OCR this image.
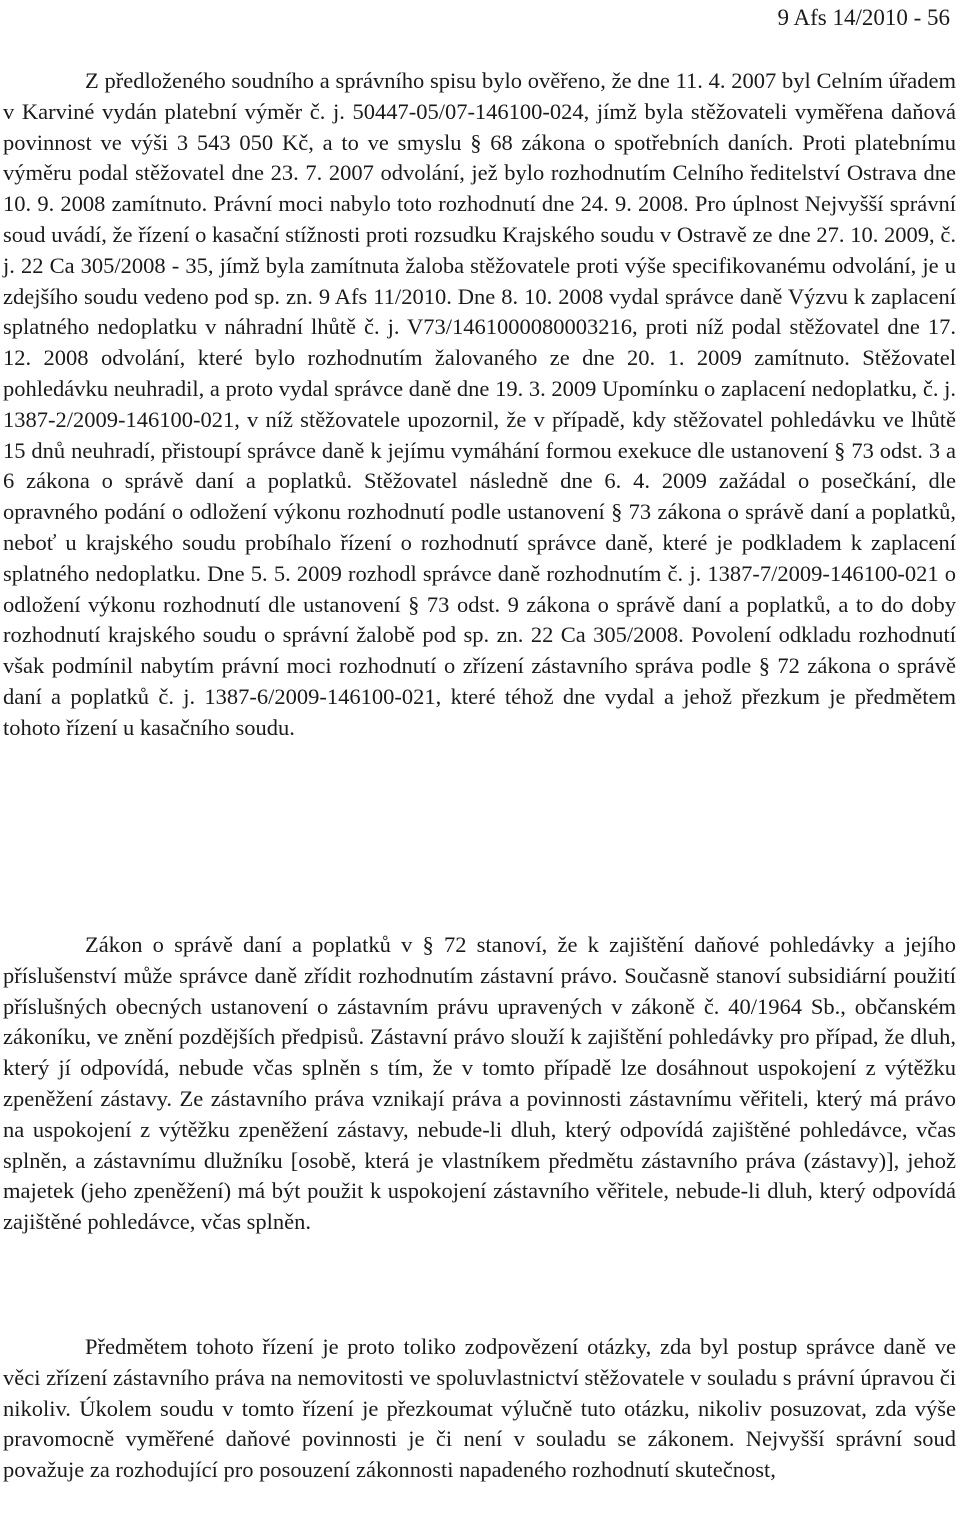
9 Afs 14/2010 - 56

Z předloženého soudního a správního spisu bylo ověřeno, že dne 11. 4. 2007 byl Celním úřadem v Karviné vydán platební výměr č. j. 50447-05/07-146100-024, jímž byla stěžovateli vyměřena daňová povinnost ve výši 3 543 050 Kč, a to ve smyslu § 68 zákona o spotřebních daních. Proti platebnímu výměru podal stěžovatel dne 23. 7. 2007 odvolání, jež bylo rozhodnutím Celního ředitelství Ostrava dne 10. 9. 2008 zamítnuto. Právní moci nabylo toto rozhodnutí dne 24. 9. 2008. Pro úplnost Nejvyšší správní soud uvádí, že řízení o kasační stížnosti proti rozsudku Krajského soudu v Ostravě ze dne 27. 10. 2009, č. j. 22 Ca 305/2008 - 35, jímž byla zamítnuta žaloba stěžovatele proti výše specifikovanému odvolání, je u zdejšího soudu vedeno pod sp. zn. 9 Afs 11/2010. Dne 8. 10. 2008 vydal správce daně Výzvu k zaplacení splatného nedoplatku v náhradní lhůtě č. j. V73/1461000080003216, proti níž podal stěžovatel dne 17. 12. 2008 odvolání, které bylo rozhodnutím žalovaného ze dne 20. 1. 2009 zamítnuto. Stěžovatel pohledávku neuhradil, a proto vydal správce daně dne 19. 3. 2009 Upomínku o zaplacení nedoplatku, č. j. 1387-2/2009-146100-021, v níž stěžovatele upozornil, že v případě, kdy stěžovatel pohledávku ve lhůtě 15 dnů neuhradí, přistoupí správce daně k jejímu vymáhání formou exekuce dle ustanovení § 73 odst. 3 a 6 zákona o správě daní a poplatků. Stěžovatel následně dne 6. 4. 2009 zažádal o posečkání, dle opravného podání o odložení výkonu rozhodnutí podle ustanovení § 73 zákona o správě daní a poplatků, neboť u krajského soudu probíhalo řízení o rozhodnutí správce daně, které je podkladem k zaplacení splatného nedoplatku. Dne 5. 5. 2009 rozhodl správce daně rozhodnutím č. j. 1387-7/2009-146100-021 o odložení výkonu rozhodnutí dle ustanovení § 73 odst. 9 zákona o správě daní a poplatků, a to do doby rozhodnutí krajského soudu o správní žalobě pod sp. zn. 22 Ca 305/2008. Povolení odkladu rozhodnutí však podmínil nabytím právní moci rozhodnutí o zřízení zástavního správa podle § 72 zákona o správě daní a poplatků č. j. 1387-6/2009-146100-021, které téhož dne vydal a jehož přezkum je předmětem tohoto řízení u kasačního soudu.

Zákon o správě daní a poplatků v § 72 stanoví, že k zajištění daňové pohledávky a jejího příslušenství může správce daně zřídit rozhodnutím zástavní právo. Současně stanoví subsidiární použití příslušných obecných ustanovení o zástavním právu upravených v zákoně č. 40/1964 Sb., občanském zákoníku, ve znění pozdějších předpisů. Zástavní právo slouží k zajištění pohledávky pro případ, že dluh, který jí odpovídá, nebude včas splněn s tím, že v tomto případě lze dosáhnout uspokojení z výtěžku zpeněžení zástavy. Ze zástavního práva vznikají práva a povinnosti zástavnímu věřiteli, který má právo na uspokojení z výtěžku zpeněžení zástavy, nebude-li dluh, který odpovídá zajištěné pohledávce, včas splněn, a zástavnímu dlužníku [osobě, která je vlastníkem předmětu zástavního práva (zástavy)], jehož majetek (jeho zpeněžení) má být použit k uspokojení zástavního věřitele, nebude-li dluh, který odpovídá zajištěné pohledávce, včas splněn.

Předmětem tohoto řízení je proto toliko zodpovězení otázky, zda byl postup správce daně ve věci zřízení zástavního práva na nemovitosti ve spoluvlastnictví stěžovatele v souladu s právní úpravou či nikoliv. Úkolem soudu v tomto řízení je přezkoumat výlučně tuto otázku, nikoliv posuzovat, zda výše pravomocně vyměřené daňové povinnosti je či není v souladu se zákonem. Nejvyšší správní soud považuje za rozhodující pro posouzení zákonnosti napadeného rozhodnutí skutečnost,
